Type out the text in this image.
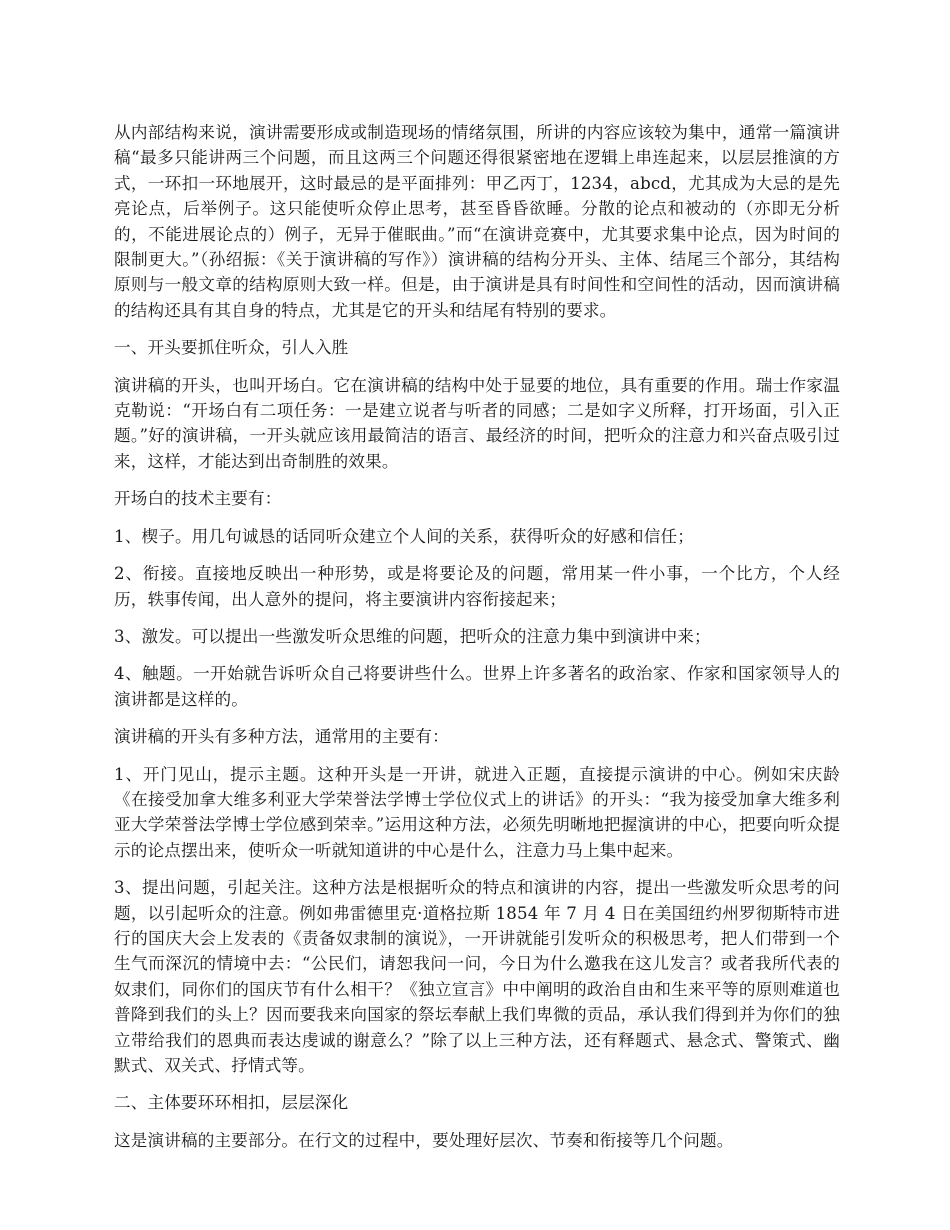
从内部结构来说，演讲需要形成或制造现场的情绪氛围，所讲的内容应该较为集中，通常一篇演讲稿“最多只能讲两三个问题，而且这两三个问题还得很紧密地在逻辑上串连起来，以层层推演的方式，一环扣一环地展开，这时最忌的是平面排列：甲乙丙丁，1234，abcd，尤其成为大忌的是先亮论点，后举例子。这只能使听众停止思考，甚至昏昏欲睡。分散的论点和被动的（亦即无分析的，不能进展论点的）例子，无异于催眠曲。”而“在演讲竞赛中，尤其要求集中论点，因为时间的限制更大。”（孙绍振：《关于演讲稿的写作》）演讲稿的结构分开头、主体、结尾三个部分，其结构原则与一般文章的结构原则大致一样。但是，由于演讲是具有时间性和空间性的活动，因而演讲稿的结构还具有其自身的特点，尤其是它的开头和结尾有特别的要求。

一、开头要抓住听众，引人入胜

演讲稿的开头，也叫开场白。它在演讲稿的结构中处于显要的地位，具有重要的作用。瑞士作家温克勒说：“开场白有二项任务：一是建立说者与听者的同感；二是如字义所释，打开场面，引入正题。”好的演讲稿，一开头就应该用最简洁的语言、最经济的时间，把听众的注意力和兴奋点吸引过来，这样，才能达到出奇制胜的效果。

开场白的技术主要有：

1、楔子。用几句诚恳的话同听众建立个人间的关系，获得听众的好感和信任；

2、衔接。直接地反映出一种形势，或是将要论及的问题，常用某一件小事，一个比方，个人经历，轶事传闻，出人意外的提问，将主要演讲内容衔接起来；

3、激发。可以提出一些激发听众思维的问题，把听众的注意力集中到演讲中来；

4、触题。一开始就告诉听众自己将要讲些什么。世界上许多著名的政治家、作家和国家领导人的演讲都是这样的。

演讲稿的开头有多种方法，通常用的主要有：

1、开门见山，提示主题。这种开头是一开讲，就进入正题，直接提示演讲的中心。例如宋庆龄《在接受加拿大维多利亚大学荣誉法学博士学位仪式上的讲话》的开头：“我为接受加拿大维多利亚大学荣誉法学博士学位感到荣幸。”运用这种方法，必须先明晰地把握演讲的中心，把要向听众提示的论点摆出来，使听众一听就知道讲的中心是什么，注意力马上集中起来。

3、提出问题，引起关注。这种方法是根据听众的特点和演讲的内容，提出一些激发听众思考的问题，以引起听众的注意。例如弗雷德里克·道格拉斯 1854 年 7 月 4 日在美国纽约州罗彻斯特市进行的国庆大会上发表的《责备奴隶制的演说》，一开讲就能引发听众的积极思考，把人们带到一个生气而深沉的情境中去：“公民们，请恕我问一问，今日为什么邀我在这儿发言？或者我所代表的奴隶们，同你们的国庆节有什么相干？《独立宣言》中中阐明的政治自由和生来平等的原则难道也普降到我们的头上？因而要我来向国家的祭坛奉献上我们卑微的贡品，承认我们得到并为你们的独立带给我们的恩典而表达虔诚的谢意么？”除了以上三种方法，还有释题式、悬念式、警策式、幽默式、双关式、抒情式等。

二、主体要环环相扣，层层深化

这是演讲稿的主要部分。在行文的过程中，要处理好层次、节奏和衔接等几个问题。
